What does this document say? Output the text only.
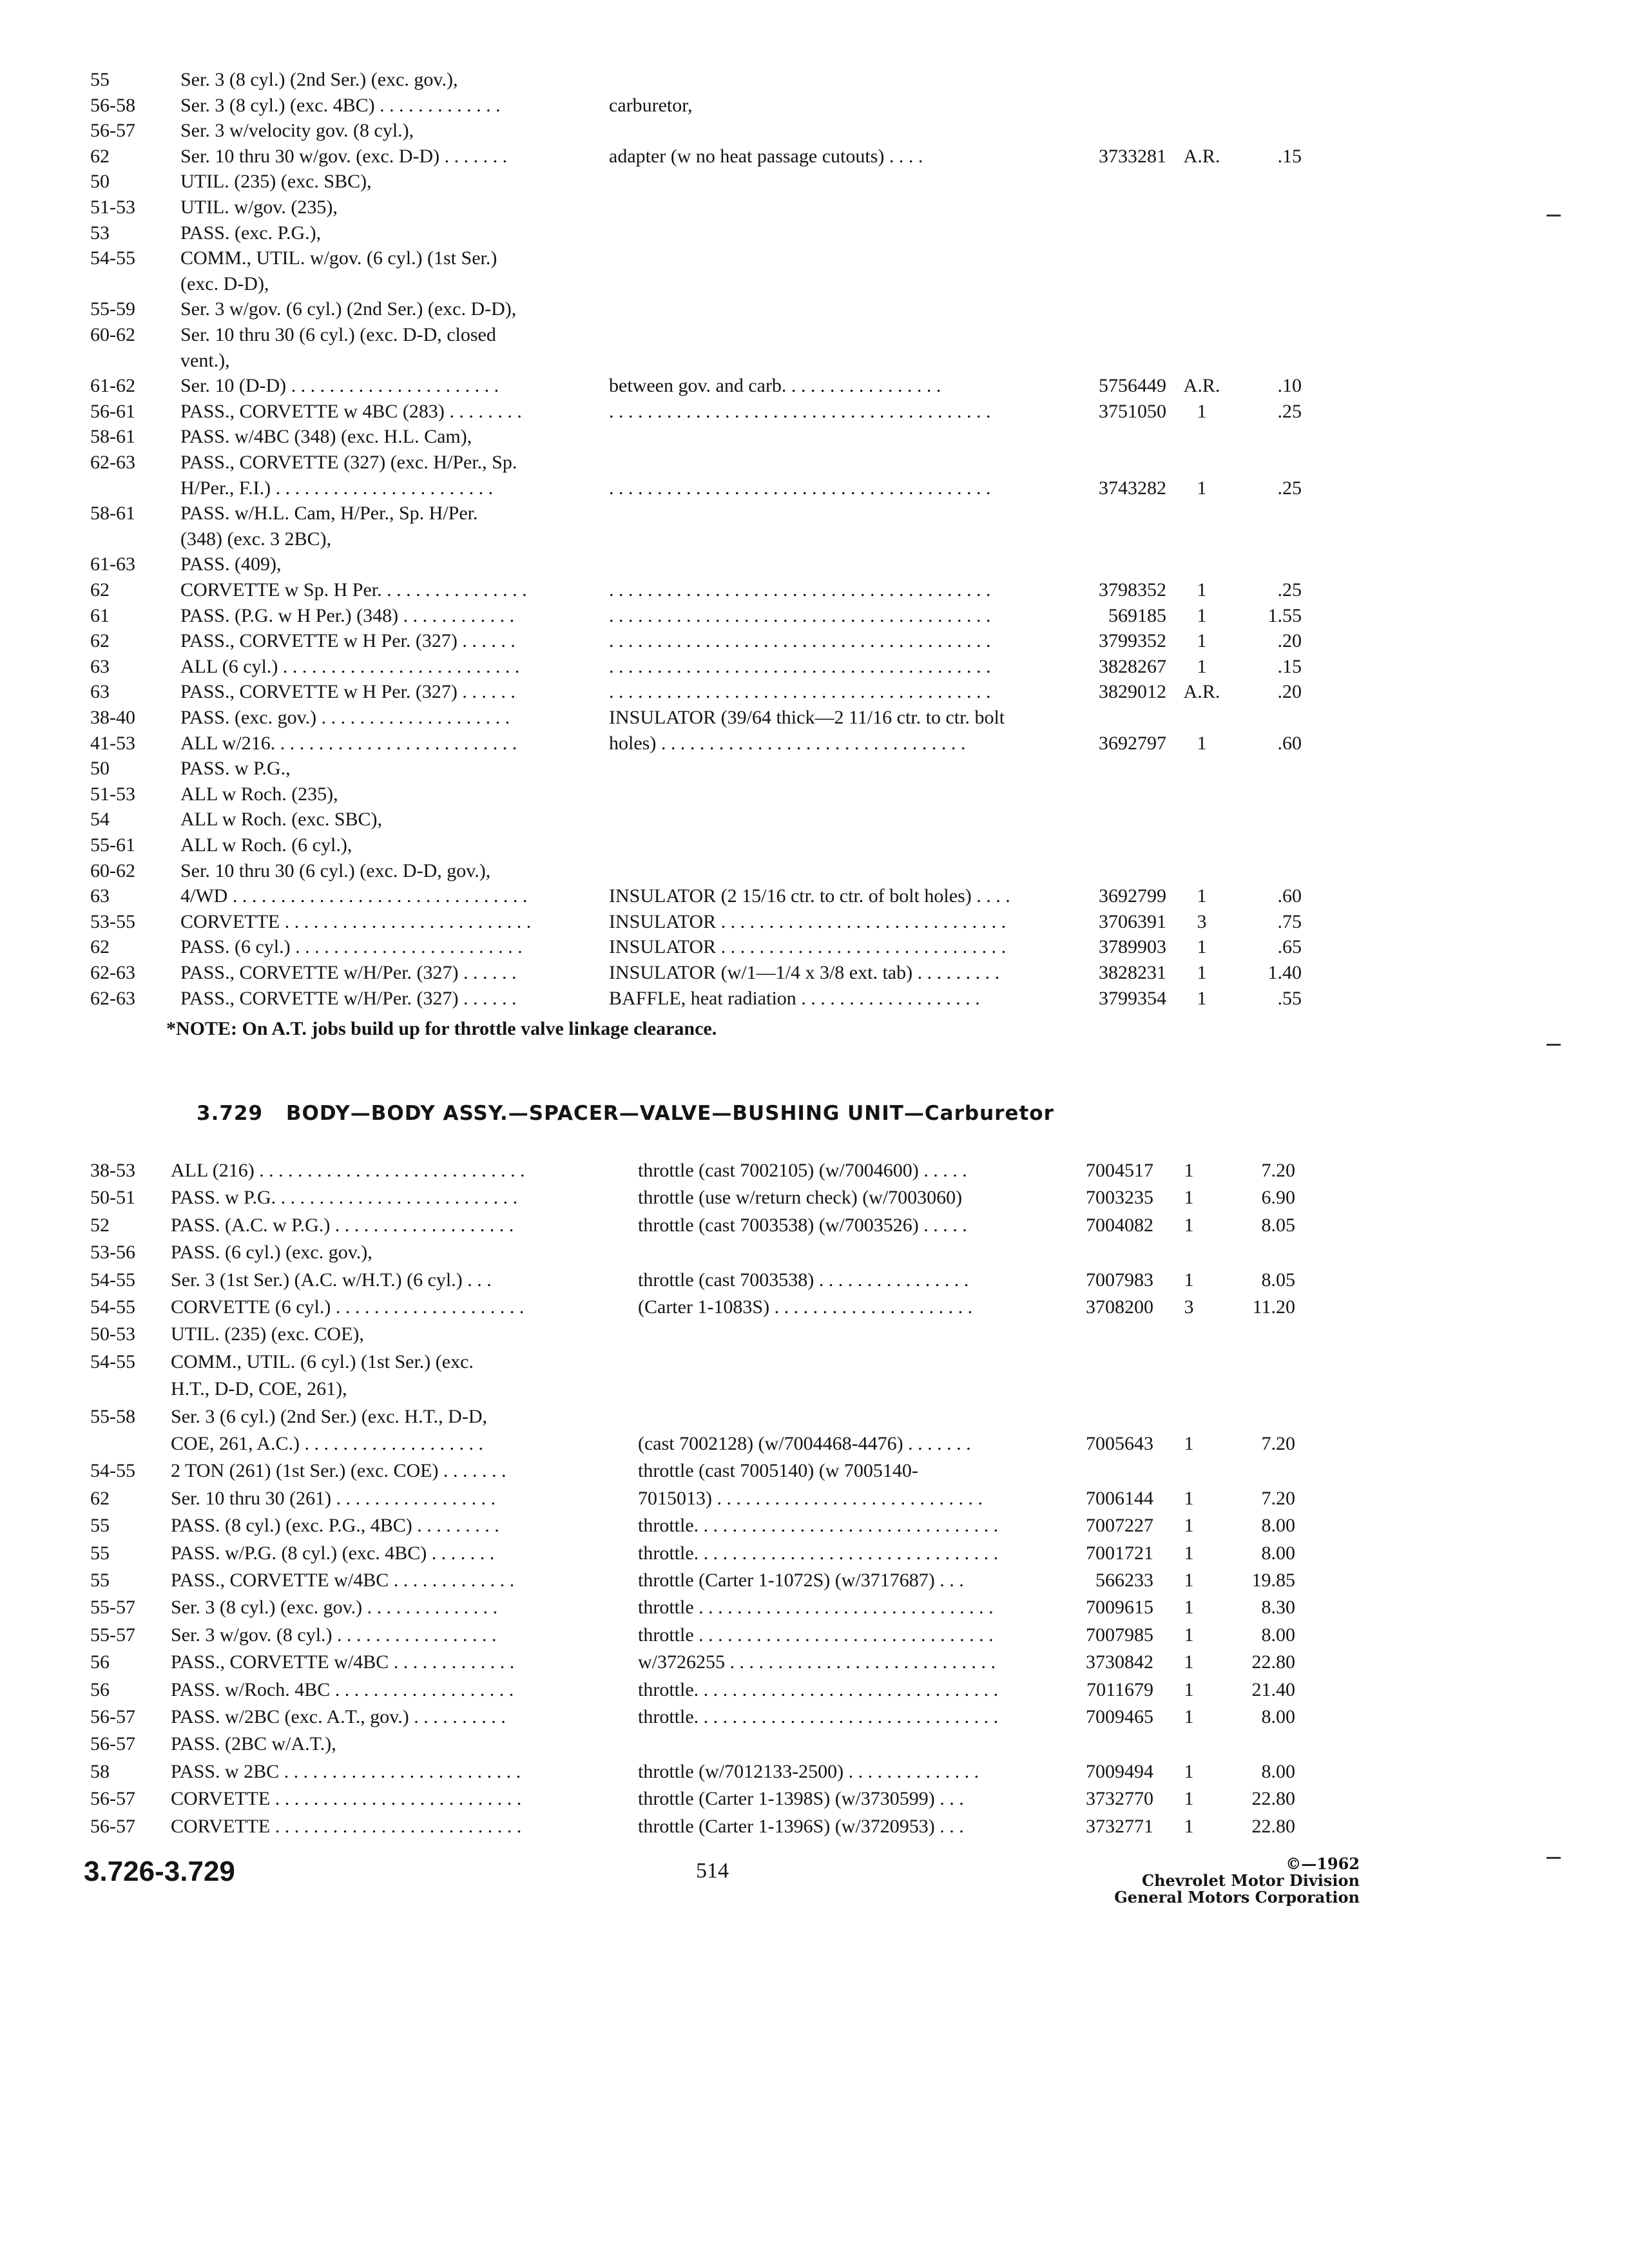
55	Ser. 3 (8 cyl.) (2nd Ser.) (exc. gov.),
56-58 Ser. 3 (8 cyl.) (exc. 4BC) . . . . . . . . . . . . .	carburetor,
56-57 Ser. 3 w/velocity gov. (8 cyl.),
62	Ser. 10 thru 30 w/gov. (exc. D-D) . . . . . . .	adapter (w no heat passage cutouts) . . . .	3733281 A.R.	.15
50	UTIL. (235) (exc. SBC),
51-53 UTIL. w/gov. (235),
53	PASS. (exc. P.G.),
54-55 COMM., UTIL. w/gov. (6 cyl.) (1st Ser.)
(exc. D-D),
55-59 Ser. 3 w/gov. (6 cyl.) (2nd Ser.) (exc. D-D),
60-62 Ser. 10 thru 30 (6 cyl.) (exc. D-D, closed
vent.),
61-62 Ser. 10 (D-D) . . . . . . . . . . . . . . . . . . . . . .	between gov. and carb. . . . . . . . . . . . . . . . .	5756449 A.R.	.10
56-61 PASS., CORVETTE w 4BC (283) . . . . . . . .	. . . . . . . . . . . . . . . . . . . . . . . . . . . . . . . . . . . . . . . .	3751050	1	.25
58-61 PASS. w/4BC (348) (exc. H.L. Cam),
62-63 PASS., CORVETTE (327) (exc. H/Per., Sp.
H/Per., F.I.) . . . . . . . . . . . . . . . . . . . . . . .	. . . . . . . . . . . . . . . . . . . . . . . . . . . . . . . . . . . . . . . .	3743282	1	.25
58-61 PASS. w/H.L. Cam, H/Per., Sp. H/Per.
(348) (exc. 3 2BC),
61-63 PASS. (409),
62	CORVETTE w Sp. H Per. . . . . . . . . . . . . . . .	. . . . . . . . . . . . . . . . . . . . . . . . . . . . . . . . . . . . . . . .	3798352	1	.25
61	PASS. (P.G. w H Per.) (348) . . . . . . . . . . . .	. . . . . . . . . . . . . . . . . . . . . . . . . . . . . . . . . . . . . . . .	569185	1	1.55
62	PASS., CORVETTE w H Per. (327) . . . . . .	. . . . . . . . . . . . . . . . . . . . . . . . . . . . . . . . . . . . . . . .	3799352	1	.20
63	ALL (6 cyl.) . . . . . . . . . . . . . . . . . . . . . . . . .	. . . . . . . . . . . . . . . . . . . . . . . . . . . . . . . . . . . . . . . .	3828267	1	.15
63	PASS., CORVETTE w H Per. (327) . . . . . .	. . . . . . . . . . . . . . . . . . . . . . . . . . . . . . . . . . . . . . . .	3829012 A.R.	.20
38-40 PASS. (exc. gov.) . . . . . . . . . . . . . . . . . . . .	INSULATOR (39/64 thick—2 11/16 ctr. to ctr. bolt
41-53 ALL w/216. . . . . . . . . . . . . . . . . . . . . . . . . .	holes) . . . . . . . . . . . . . . . . . . . . . . . . . . . . . . . .	3692797	1	.60
50	PASS. w P.G.,
51-53 ALL w Roch. (235),
54	ALL w Roch. (exc. SBC),
55-61 ALL w Roch. (6 cyl.),
60-62 Ser. 10 thru 30 (6 cyl.) (exc. D-D, gov.),
63	4/WD . . . . . . . . . . . . . . . . . . . . . . . . . . . . . . .	INSULATOR (2 15/16 ctr. to ctr. of bolt holes) . . . .	3692799	1	.60
53-55 CORVETTE . . . . . . . . . . . . . . . . . . . . . . . . . .	INSULATOR . . . . . . . . . . . . . . . . . . . . . . . . . . . . . .	3706391	3	.75
62	PASS. (6 cyl.) . . . . . . . . . . . . . . . . . . . . . . . .	INSULATOR . . . . . . . . . . . . . . . . . . . . . . . . . . . . . .	3789903	1	.65
62-63 PASS., CORVETTE w/H/Per. (327) . . . . . .	INSULATOR (w/1—1/4 x 3/8 ext. tab) . . . . . . . . .	3828231	1	1.40
62-63 PASS., CORVETTE w/H/Per. (327) . . . . . .	BAFFLE, heat radiation . . . . . . . . . . . . . . . . . . .	3799354	1	.55
*NOTE: On A.T. jobs build up for throttle valve linkage clearance.
3.729 BODY—BODY ASSY.—SPACER—VALVE—BUSHING UNIT—Carburetor
38-53 ALL (216) . . . . . . . . . . . . . . . . . . . . . . . . . . . .	throttle (cast 7002105) (w/7004600) . . . . .	7004517	1	7.20
50-51 PASS. w P.G. . . . . . . . . . . . . . . . . . . . . . . . . .	throttle (use w/return check) (w/7003060)	7003235	1	6.90
52	PASS. (A.C. w P.G.) . . . . . . . . . . . . . . . . . . .	throttle (cast 7003538) (w/7003526) . . . . .	7004082	1	8.05
53-56 PASS. (6 cyl.) (exc. gov.),
54-55 Ser. 3 (1st Ser.) (A.C. w/H.T.) (6 cyl.) . . .	throttle (cast 7003538) . . . . . . . . . . . . . . . .	7007983	1	8.05
54-55 CORVETTE (6 cyl.) . . . . . . . . . . . . . . . . . . . .	(Carter 1-1083S) . . . . . . . . . . . . . . . . . . . . .	3708200	3	11.20
50-53 UTIL. (235) (exc. COE),
54-55 COMM., UTIL. (6 cyl.) (1st Ser.) (exc.
H.T., D-D, COE, 261),
55-58 Ser. 3 (6 cyl.) (2nd Ser.) (exc. H.T., D-D,
COE, 261, A.C.) . . . . . . . . . . . . . . . . . . .	(cast 7002128) (w/7004468-4476) . . . . . . .	7005643	1	7.20
54-55 2 TON (261) (1st Ser.) (exc. COE) . . . . . . .	throttle (cast 7005140) (w 7005140-
62	Ser. 10 thru 30 (261) . . . . . . . . . . . . . . . . .	7015013) . . . . . . . . . . . . . . . . . . . . . . . . . . . .	7006144	1	7.20
55	PASS. (8 cyl.) (exc. P.G., 4BC) . . . . . . . . .	throttle. . . . . . . . . . . . . . . . . . . . . . . . . . . . . . . .	7007227	1	8.00
55	PASS. w/P.G. (8 cyl.) (exc. 4BC) . . . . . . .	throttle. . . . . . . . . . . . . . . . . . . . . . . . . . . . . . . .	7001721	1	8.00
55	PASS., CORVETTE w/4BC . . . . . . . . . . . . .	throttle (Carter 1-1072S) (w/3717687) . . .	566233	1	19.85
55-57 Ser. 3 (8 cyl.) (exc. gov.) . . . . . . . . . . . . . .	throttle . . . . . . . . . . . . . . . . . . . . . . . . . . . . . . .	7009615	1	8.30
55-57 Ser. 3 w/gov. (8 cyl.) . . . . . . . . . . . . . . . . .	throttle . . . . . . . . . . . . . . . . . . . . . . . . . . . . . . .	7007985	1	8.00
56	PASS., CORVETTE w/4BC . . . . . . . . . . . . .	w/3726255 . . . . . . . . . . . . . . . . . . . . . . . . . . . .	3730842	1	22.80
56	PASS. w/Roch. 4BC . . . . . . . . . . . . . . . . . . .	throttle. . . . . . . . . . . . . . . . . . . . . . . . . . . . . . . .	7011679	1	21.40
56-57 PASS. w/2BC (exc. A.T., gov.) . . . . . . . . . .	throttle. . . . . . . . . . . . . . . . . . . . . . . . . . . . . . . .	7009465	1	8.00
56-57 PASS. (2BC w/A.T.),
58	PASS. w 2BC . . . . . . . . . . . . . . . . . . . . . . . . .	throttle (w/7012133-2500) . . . . . . . . . . . . . .	7009494	1	8.00
56-57 CORVETTE . . . . . . . . . . . . . . . . . . . . . . . . . .	throttle (Carter 1-1398S) (w/3730599) . . .	3732770	1	22.80
56-57 CORVETTE . . . . . . . . . . . . . . . . . . . . . . . . . .	throttle (Carter 1-1396S) (w/3720953) . . .	3732771	1	22.80
3.726-3.729	514	©—1962
Chevrolet Motor Division
General Motors Corporation
